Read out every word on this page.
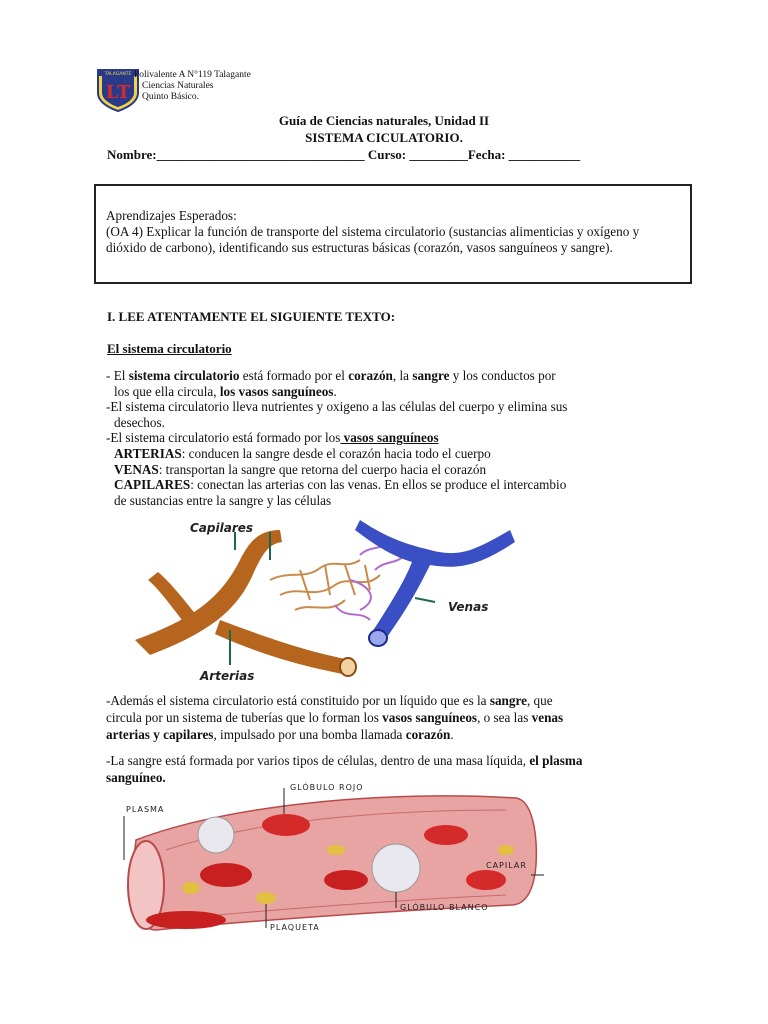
TALAGANTE
LT
Polivalente A N°119 Talagante
Ciencias Naturales
Quinto Básico.
Guía de Ciencias naturales, Unidad II
SISTEMA CICULATORIO.
Nombre:________________________________ Curso: _________Fecha: ___________
Aprendizajes Esperados:
(OA 4) Explicar la función de transporte del sistema circulatorio (sustancias alimenticias y oxígeno y dióxido de carbono), identificando sus estructuras básicas (corazón, vasos sanguíneos y sangre).
I. LEE ATENTAMENTE EL SIGUIENTE TEXTO:
El sistema circulatorio
- El sistema circulatorio está formado por el corazón, la sangre y los conductos por
los que ella circula, los vasos sanguíneos.
-El sistema circulatorio lleva nutrientes y oxigeno a las células del cuerpo y elimina sus
desechos.
-El sistema circulatorio está formado por los vasos sanguíneos
ARTERIAS: conducen la sangre desde el corazón hacia todo el cuerpo
VENAS: transportan la sangre que retorna del cuerpo hacia el corazón
CAPILARES: conectan las arterias con las venas. En ellos se produce el intercambio
de sustancias entre la sangre y las células
Capilares
Venas
Arterias
-Además el sistema circulatorio está constituido por un líquido que es la sangre, que
circula por un sistema de tuberías que lo forman los vasos sanguíneos, o sea las venas
arterias y capilares, impulsado por una bomba llamada corazón.
-La sangre está formada por varios tipos de células, dentro de una masa líquida, el plasma
sanguíneo.
GLÓBULO ROJO
PLASMA
CAPILAR
GLÓBULO BLANCO
PLAQUETA
